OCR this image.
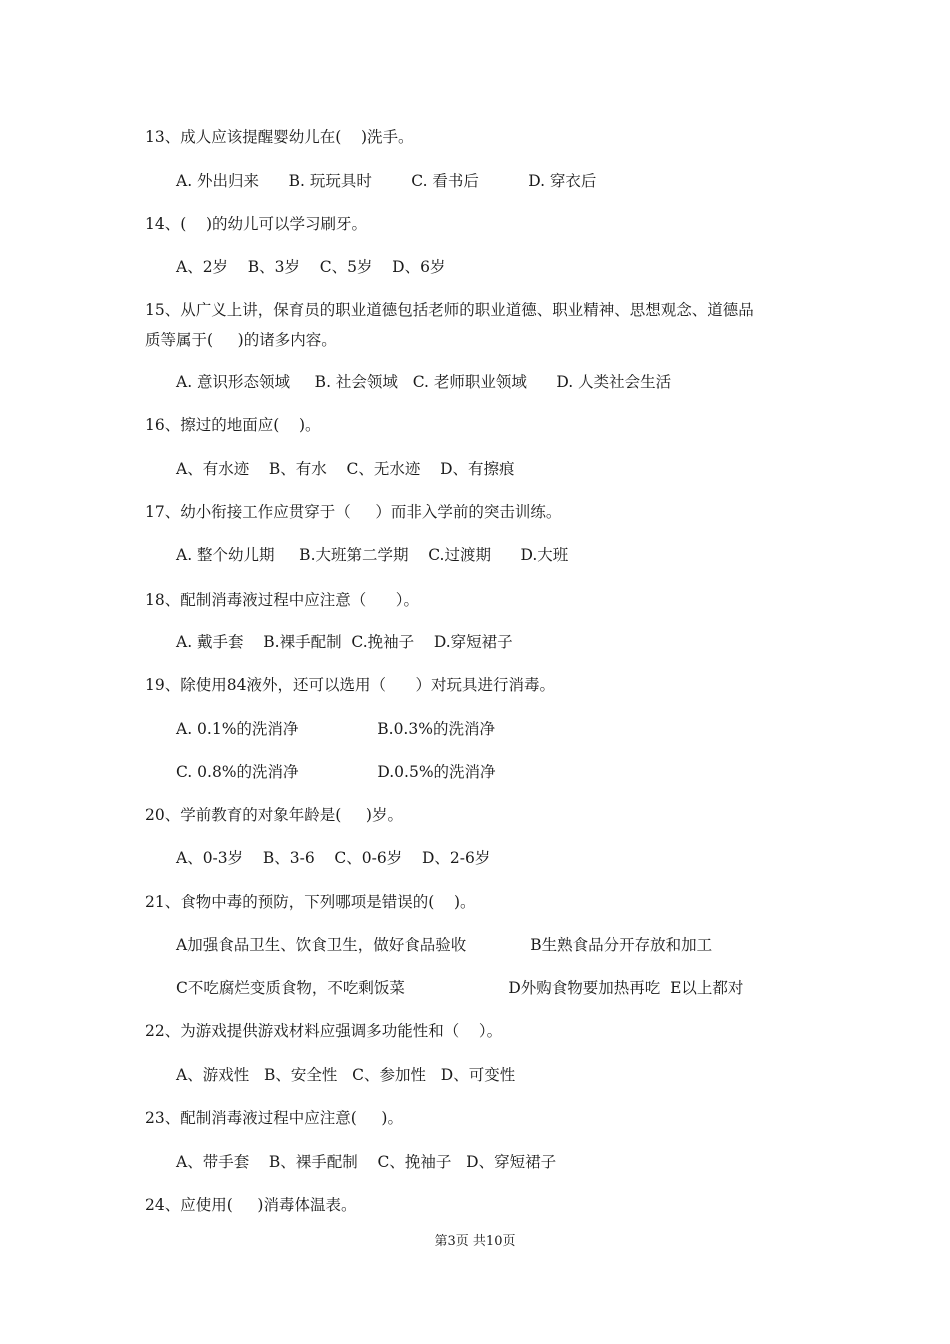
13、成人应该提醒婴幼儿在(    )洗手。
A. 外出归来      B. 玩玩具时        C. 看书后          D. 穿衣后
14、(    )的幼儿可以学习刷牙。
A、2岁    B、3岁    C、5岁    D、6岁
15、从广义上讲，保育员的职业道德包括老师的职业道德、职业精神、思想观念、道德品
质等属于(     )的诸多内容。
A. 意识形态领域     B. 社会领域   C. 老师职业领域      D. 人类社会生活
16、擦过的地面应(    )。
A、有水迹    B、有水    C、无水迹    D、有擦痕
17、幼小衔接工作应贯穿于（     ）而非入学前的突击训练。
A. 整个幼儿期     B.大班第二学期    C.过渡期      D.大班
18、配制消毒液过程中应注意（      ）。
A. 戴手套    B.裸手配制  C.挽袖子    D.穿短裙子
19、除使用84液外，还可以选用（      ）对玩具进行消毒。
A. 0.1%的洗消净                B.0.3%的洗消净
C. 0.8%的洗消净                D.0.5%的洗消净
20、学前教育的对象年龄是(     )岁。
A、0-3岁    B、3-6    C、0-6岁    D、2-6岁
21、食物中毒的预防，下列哪项是错误的(    )。
A加强食品卫生、饮食卫生，做好食品验收             B生熟食品分开存放和加工
C不吃腐烂变质食物，不吃剩饭菜                     D外购食物要加热再吃  E以上都对
22、为游戏提供游戏材料应强调多功能性和（    ）。
A、游戏性   B、安全性   C、参加性   D、可变性
23、配制消毒液过程中应注意(     )。
A、带手套    B、裸手配制    C、挽袖子   D、穿短裙子
24、应使用(     )消毒体温表。
第3页 共10页
